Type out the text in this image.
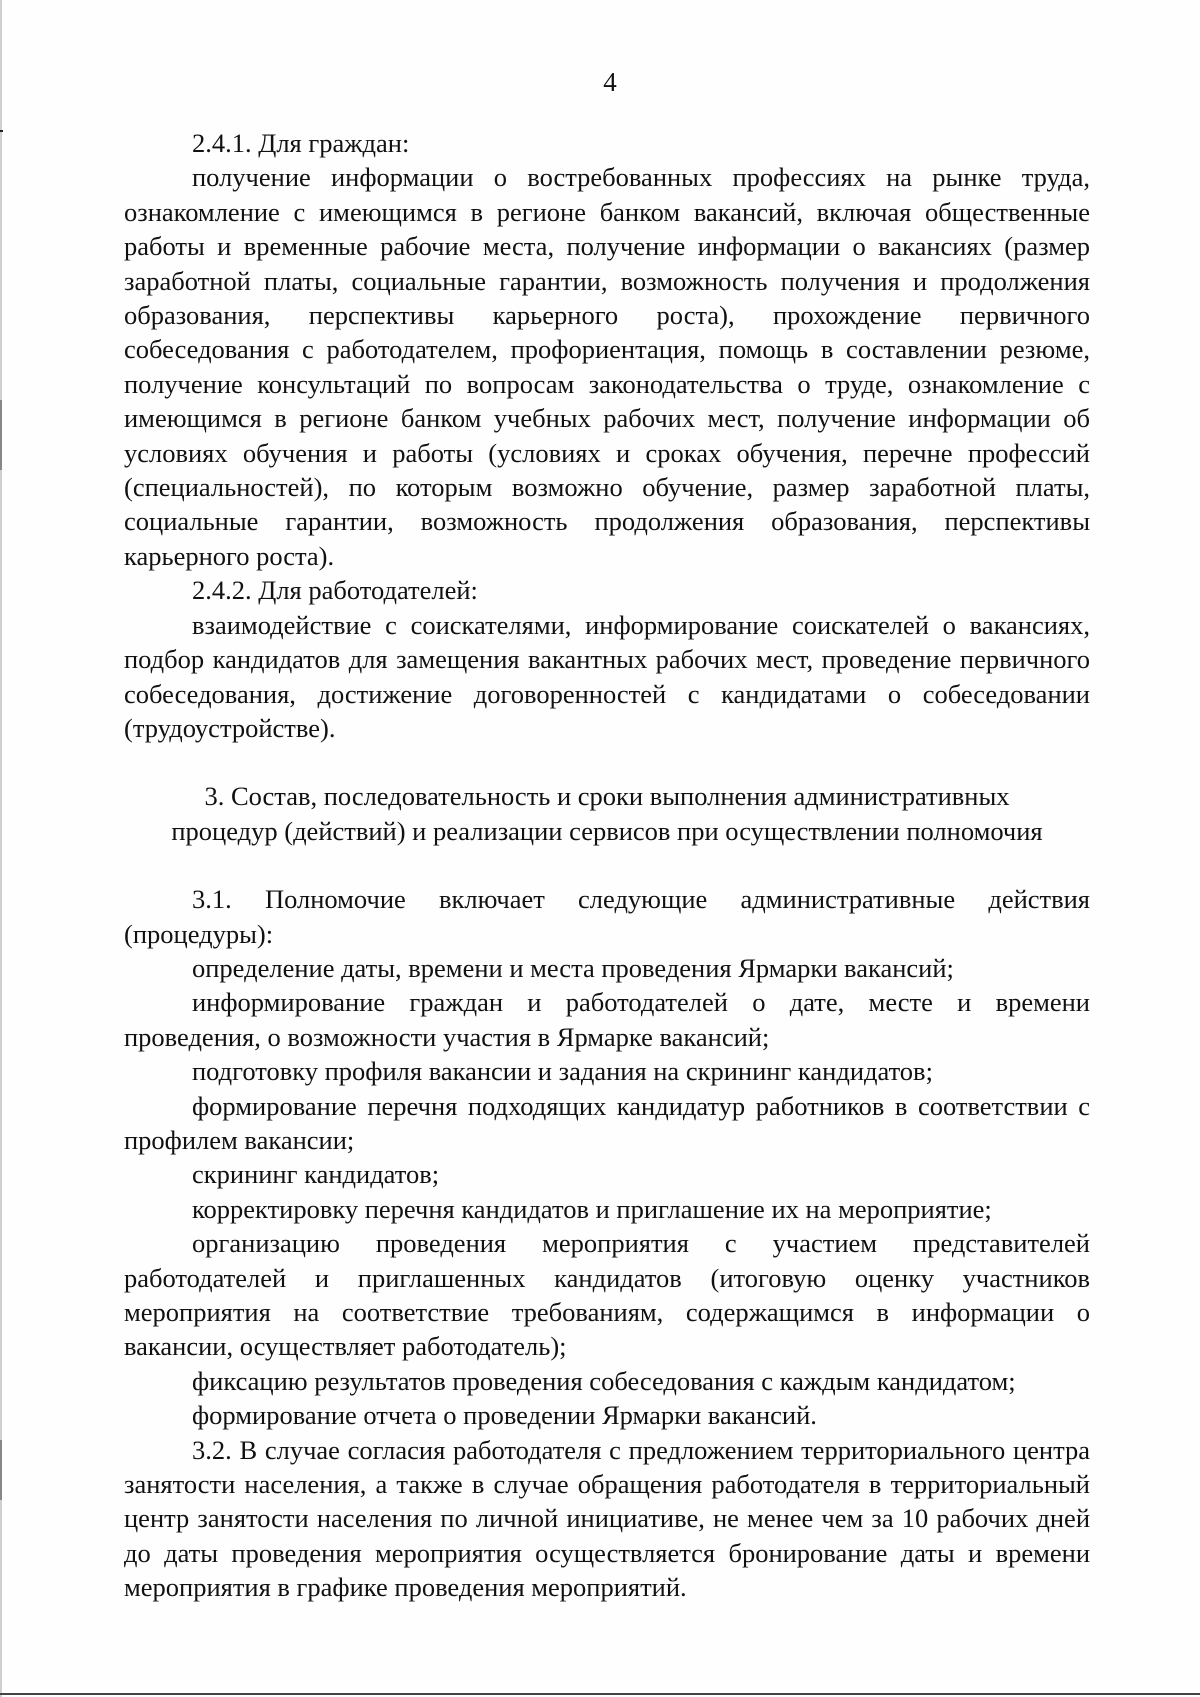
4

2.4.1. Для граждан:

получение информации о востребованных профессиях на рынке труда, ознакомление с имеющимся в регионе банком вакансий, включая общественные работы и временные рабочие места, получение информации о вакансиях (размер заработной платы, социальные гарантии, возможность получения и продолжения образования, перспективы карьерного роста), прохождение первичного собеседования с работодателем, профориентация, помощь в составлении резюме, получение консультаций по вопросам законодательства о труде, ознакомление с имеющимся в регионе банком учебных рабочих мест, получение информации об условиях обучения и работы (условиях и сроках обучения, перечне профессий (специальностей), по которым возможно обучение, размер заработной платы, социальные гарантии, возможность продолжения образования, перспективы карьерного роста).

2.4.2. Для работодателей:

взаимодействие с соискателями, информирование соискателей о вакансиях, подбор кандидатов для замещения вакантных рабочих мест, проведение первичного собеседования, достижение договоренностей с кандидатами о собеседовании (трудоустройстве).

3. Состав, последовательность и сроки выполнения административных
процедур (действий) и реализации сервисов при осуществлении полномочия

3.1. Полномочие включает следующие административные действия (процедуры):

определение даты, времени и места проведения Ярмарки вакансий;

информирование граждан и работодателей о дате, месте и времени проведения, о возможности участия в Ярмарке вакансий;

подготовку профиля вакансии и задания на скрининг кандидатов;

формирование перечня подходящих кандидатур работников в соответствии с профилем вакансии;

скрининг кандидатов;

корректировку перечня кандидатов и приглашение их на мероприятие;

организацию проведения мероприятия с участием представителей работодателей и приглашенных кандидатов (итоговую оценку участников мероприятия на соответствие требованиям, содержащимся в информации о вакансии, осуществляет работодатель);

фиксацию результатов проведения собеседования с каждым кандидатом;

формирование отчета о проведении Ярмарки вакансий.

3.2. В случае согласия работодателя с предложением территориального центра занятости населения, а также в случае обращения работодателя в территориальный центр занятости населения по личной инициативе, не менее чем за 10 рабочих дней до даты проведения мероприятия осуществляется бронирование даты и времени мероприятия в графике проведения мероприятий.
